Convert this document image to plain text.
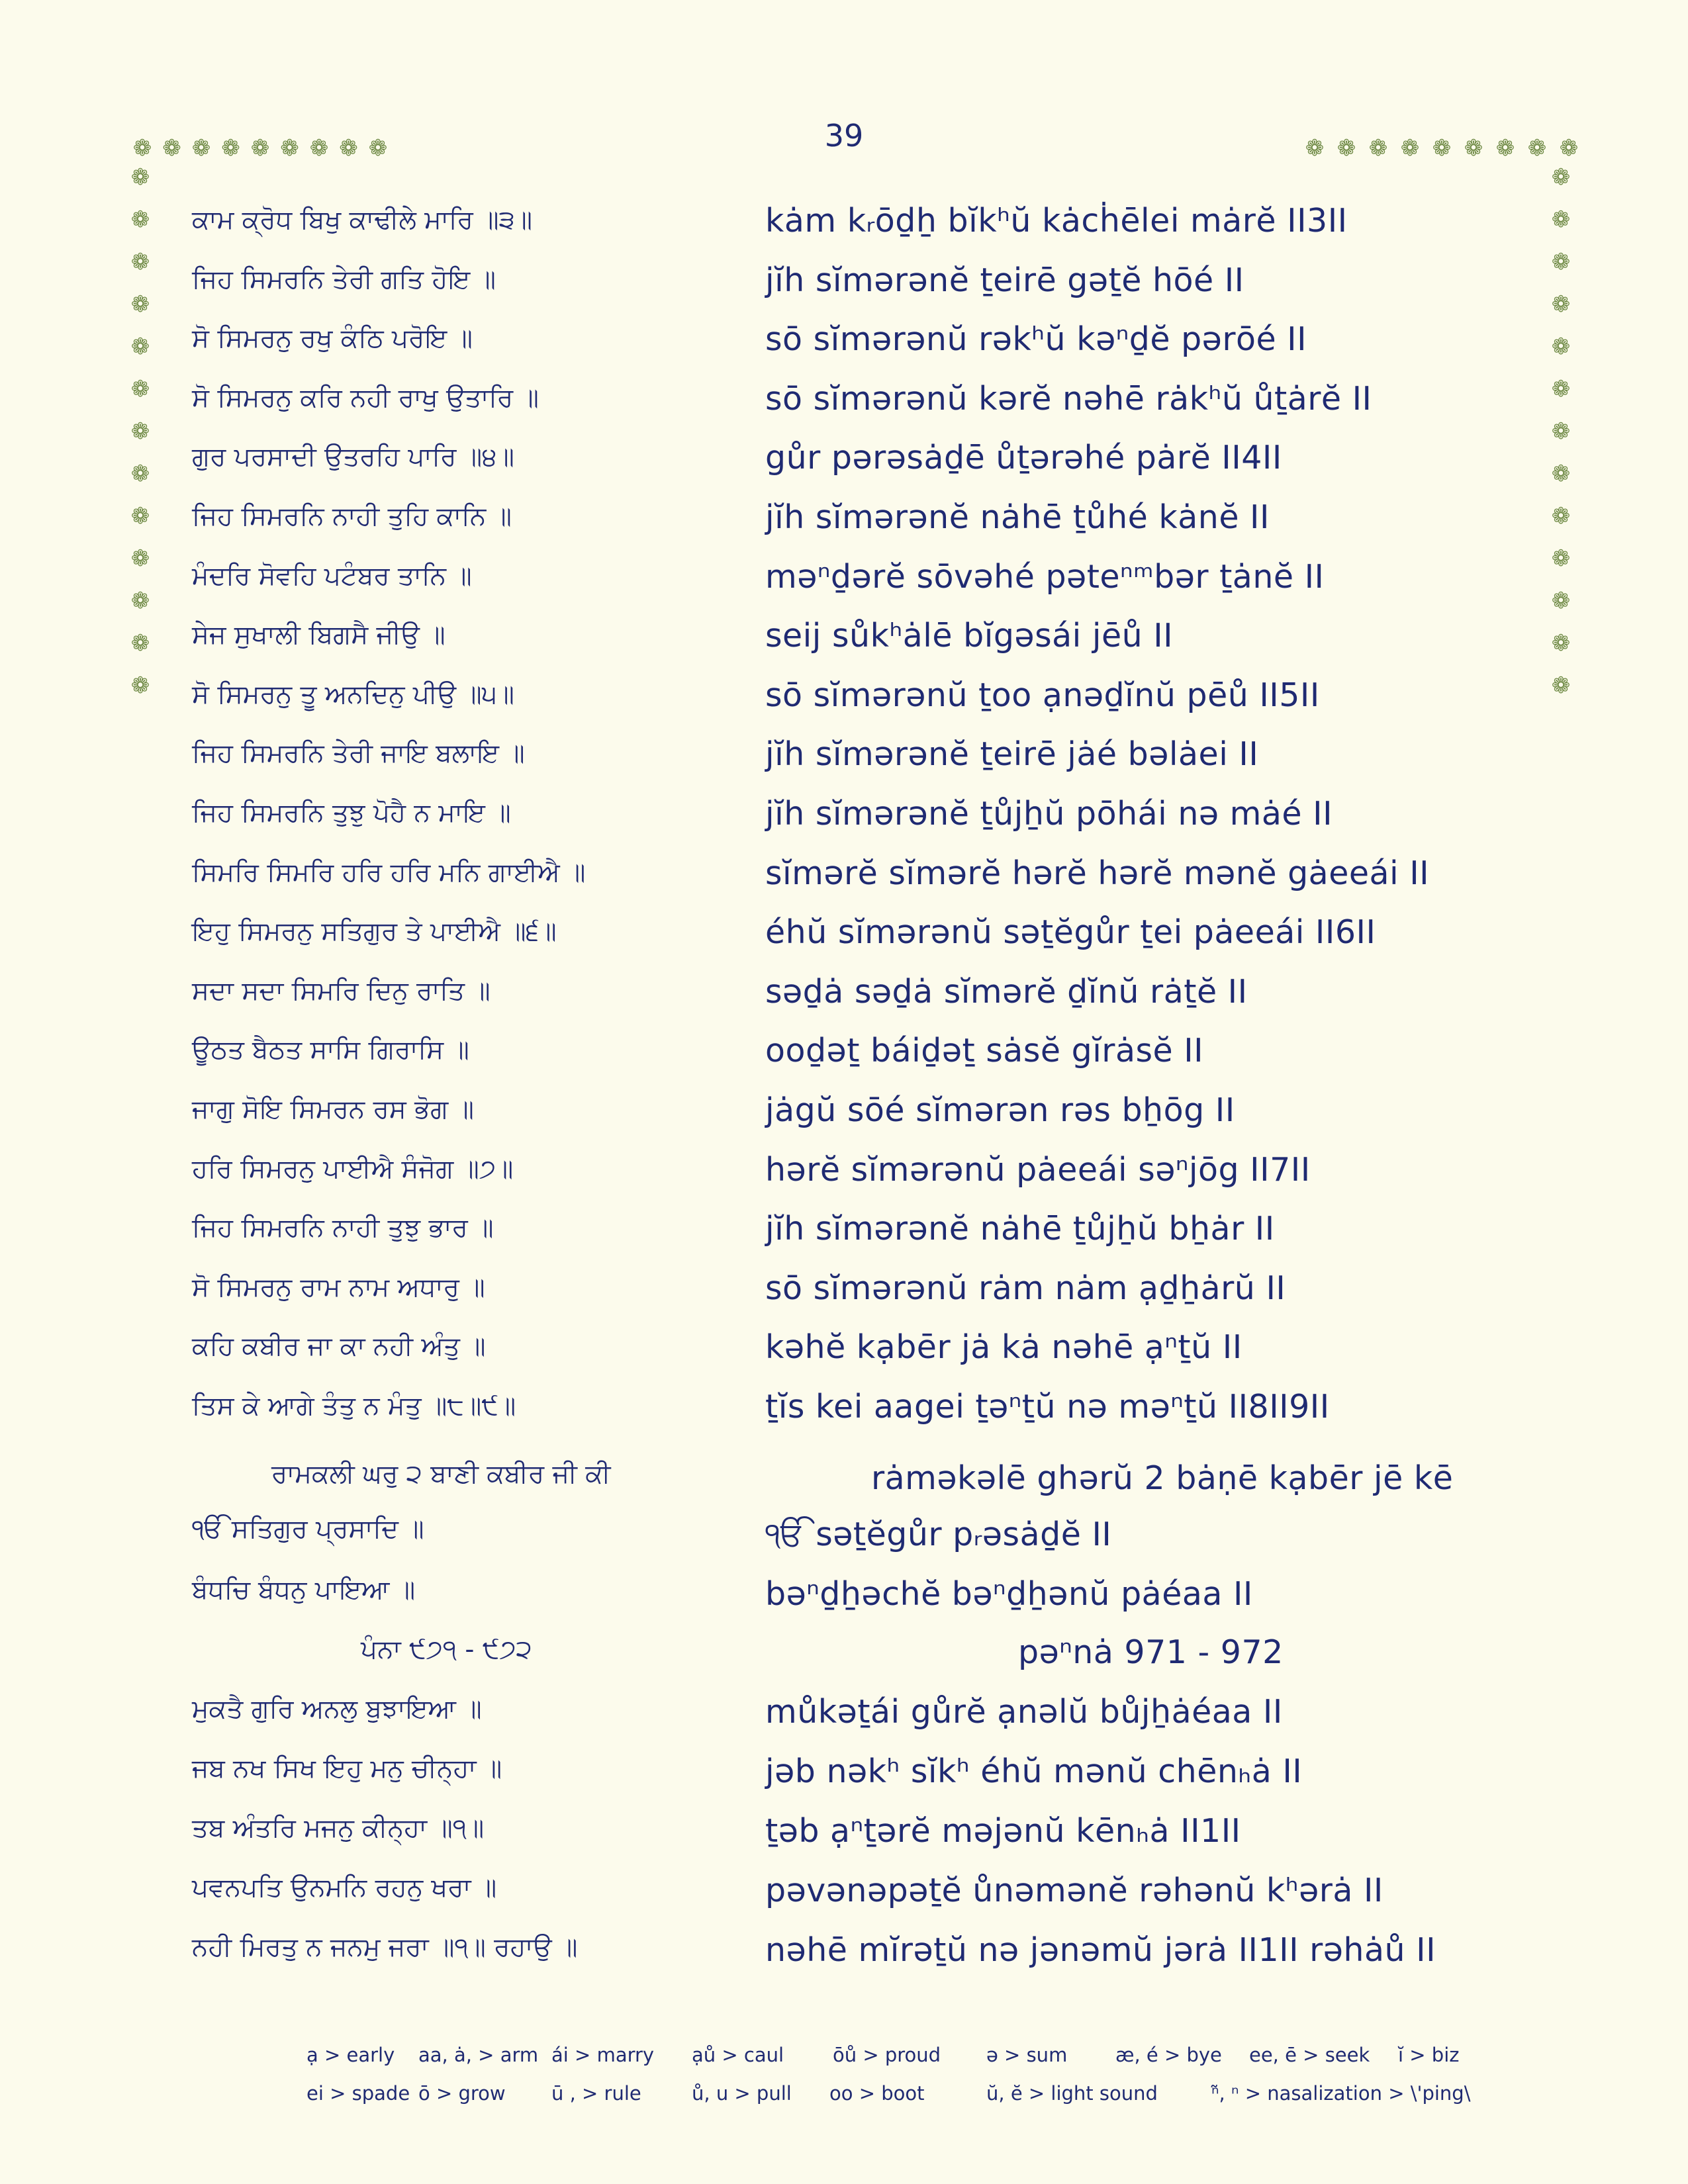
39
❁ ❁ ❁ ❁ ❁ ❁ ❁ ❁ ❁	❁ ❁ ❁ ❁ ❁ ❁ ❁ ❁ ❁
❁
❁
❁
❁
❁
❁
❁
❁
❁
❁
❁
❁
❁
❁
❁
❁
❁
❁
❁
❁
❁
❁
❁
❁
❁
❁
ਕਾਮ ਕ੍ਰੋਧ ਬਿਖੁ ਕਾਢੀਲੇ ਮਾਰਿ ॥੩॥
ਜਿਹ ਸਿਮਰਨਿ ਤੇਰੀ ਗਤਿ ਹੋਇ ॥
ਸੋ ਸਿਮਰਨੁ ਰਖੁ ਕੰਠਿ ਪਰੋਇ ॥
ਸੋ ਸਿਮਰਨੁ ਕਰਿ ਨਹੀ ਰਾਖੁ ਉਤਾਰਿ ॥
ਗੁਰ ਪਰਸਾਦੀ ਉਤਰਹਿ ਪਾਰਿ ॥੪॥
ਜਿਹ ਸਿਮਰਨਿ ਨਾਹੀ ਤੁਹਿ ਕਾਨਿ ॥
ਮੰਦਰਿ ਸੋਵਹਿ ਪਟੰਬਰ ਤਾਨਿ ॥
ਸੇਜ ਸੁਖਾਲੀ ਬਿਗਸੈ ਜੀਉ ॥
ਸੋ ਸਿਮਰਨੁ ਤੂ ਅਨਦਿਨੁ ਪੀਉ ॥੫॥
ਜਿਹ ਸਿਮਰਨਿ ਤੇਰੀ ਜਾਇ ਬਲਾਇ ॥
ਜਿਹ ਸਿਮਰਨਿ ਤੁਝੁ ਪੋਹੈ ਨ ਮਾਇ ॥
ਸਿਮਰਿ ਸਿਮਰਿ ਹਰਿ ਹਰਿ ਮਨਿ ਗਾਈਐ ॥
ਇਹੁ ਸਿਮਰਨੁ ਸਤਿਗੁਰ ਤੇ ਪਾਈਐ ॥੬॥
ਸਦਾ ਸਦਾ ਸਿਮਰਿ ਦਿਨੁ ਰਾਤਿ ॥
ਊਠਤ ਬੈਠਤ ਸਾਸਿ ਗਿਰਾਸਿ ॥
ਜਾਗੁ ਸੋਇ ਸਿਮਰਨ ਰਸ ਭੋਗ ॥
ਹਰਿ ਸਿਮਰਨੁ ਪਾਈਐ ਸੰਜੋਗ ॥੭॥
ਜਿਹ ਸਿਮਰਨਿ ਨਾਹੀ ਤੁਝੁ ਭਾਰ ॥
ਸੋ ਸਿਮਰਨੁ ਰਾਮ ਨਾਮ ਅਧਾਰੁ ॥
ਕਹਿ ਕਬੀਰ ਜਾ ਕਾ ਨਹੀ ਅੰਤੁ ॥
ਤਿਸ ਕੇ ਆਗੇ ਤੰਤੁ ਨ ਮੰਤੁ ॥੮॥੯॥
ਰਾਮਕਲੀ ਘਰੁ ੨ ਬਾਣੀ ਕਬੀਰ ਜੀ ਕੀ
ੴ ਸਤਿਗੁਰ ਪ੍ਰਸਾਦਿ ॥
ਬੰਧਚਿ ਬੰਧਨੁ ਪਾਇਆ ॥
ਪੰਨਾ ੯੭੧ - ੯੭੨
ਮੁਕਤੈ ਗੁਰਿ ਅਨਲੁ ਬੁਝਾਇਆ ॥
ਜਬ ਨਖ ਸਿਖ ਇਹੁ ਮਨੁ ਚੀਨ੍ਹਾ ॥
ਤਬ ਅੰਤਰਿ ਮਜਨੁ ਕੀਨ੍ਹਾ ॥੧॥
ਪਵਨਪਤਿ ਉਨਮਨਿ ਰਹਨੁ ਖਰਾ ॥
ਨਹੀ ਮਿਰਤੁ ਨ ਜਨਮੁ ਜਰਾ ॥੧॥ ਰਹਾਉ ॥
kȧm kᵣōḏẖ bĭkʰŭ kȧcḣēlei mȧrĕ II3II
jĭh sĭmərənĕ ṯeirē gəṯĕ hōé II
sō sĭmərənŭ rəkʰŭ kəⁿḏĕ pərōé II
sō sĭmərənŭ kərĕ nəhē rȧkʰŭ ůṯȧrĕ II
gůr pərəsȧḏē ůṯərəhé pȧrĕ II4II
jĭh sĭmərənĕ nȧhē ṯůhé kȧnĕ II
məⁿḏərĕ sōvəhé pəteⁿᵐbər ṯȧnĕ II
seij sůkʰȧlē bĭgəsái jēů II
sō sĭmərənŭ ṯoo ạnəḏĭnŭ pēů II5II
jĭh sĭmərənĕ ṯeirē jȧé bəlȧei II
jĭh sĭmərənĕ ṯůjẖŭ pōhái nə mȧé II
sĭmərĕ sĭmərĕ hərĕ hərĕ mənĕ gȧeeái II
éhŭ sĭmərənŭ səṯĕgůr ṯei pȧeeái II6II
səḏȧ səḏȧ sĭmərĕ ḏĭnŭ rȧṯĕ II
ooḏəṯ báiḏəṯ sȧsĕ gĭrȧsĕ II
jȧgŭ sōé sĭmərən rəs bẖōg II
hərĕ sĭmərənŭ pȧeeái səⁿjōg II7II
jĭh sĭmərənĕ nȧhē ṯůjẖŭ bẖȧr II
sō sĭmərənŭ rȧm nȧm ạḏẖȧrŭ II
kəhĕ kạbēr jȧ kȧ nəhē ạⁿṯŭ II
ṯĭs kei aagei ṯəⁿṯŭ nə məⁿṯŭ II8II9II
rȧməkəlē ghərŭ 2 bȧṇē kạbēr jē kē
ੴ səṯĕgůr pᵣəsȧḏĕ II
bəⁿḏẖəchĕ bəⁿḏẖənŭ pȧéaa II
pəⁿnȧ 971 - 972
můkəṯái gůrĕ ạnəlŭ bůjẖȧéaa II
jəb nəkʰ sĭkʰ éhŭ mənŭ chēnₕȧ II
ṯəb ạⁿṯərĕ məjənŭ kēnₕȧ II1II
pəvənəpəṯĕ ůnəmənĕ rəhənŭ kʰərȧ II
nəhē mĭrəṯŭ nə jənəmŭ jərȧ II1II rəhȧů II
ạ > early aa, ȧ, > arm ái > marry ạů > caul	ōů > proud ə > sum	æ, é > bye ee, ē > seek ĭ > biz
ei > spade ō > grow ū , > rule	ů, u > pull oo > boot	ŭ, ĕ > light sound	ⁿ̃, ⁿ > nasalization > \'ping\
